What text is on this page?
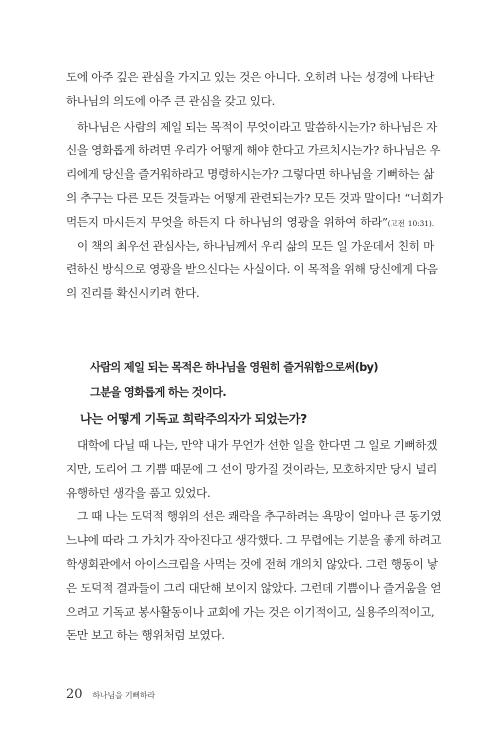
도에 아주 깊은 관심을 가지고 있는 것은 아니다. 오히려 나는 성경에 나타난
하나님의 의도에 아주 큰 관심을 갖고 있다.
하나님은 사람의 제일 되는 목적이 무엇이라고 말씀하시는가? 하나님은 자
신을 영화롭게 하려면 우리가 어떻게 해야 한다고 가르치시는가? 하나님은 우
리에게 당신을 즐거워하라고 명령하시는가? 그렇다면 하나님을 기뻐하는 삶
의 추구는 다른 모든 것들과는 어떻게 관련되는가? 모든 것과 말이다! “너희가
먹든지 마시든지 무엇을 하든지 다 하나님의 영광을 위하여 하라”(고전 10:31).
이 책의 최우선 관심사는, 하나님께서 우리 삶의 모든 일 가운데서 친히 마
련하신 방식으로 영광을 받으신다는 사실이다. 이 목적을 위해 당신에게 다음
의 진리를 확신시키려 한다.
사람의 제일 되는 목적은 하나님을 영원히 즐거워함으로써(by)
그분을 영화롭게 하는 것이다.
나는 어떻게 기독교 희락주의자가 되었는가?
대학에 다닐 때 나는, 만약 내가 무언가 선한 일을 한다면 그 일로 기뻐하겠
지만, 도리어 그 기쁨 때문에 그 선이 망가질 것이라는, 모호하지만 당시 널리
유행하던 생각을 품고 있었다.
그 때 나는 도덕적 행위의 선은 쾌락을 추구하려는 욕망이 얼마나 큰 동기였
느냐에 따라 그 가치가 작아진다고 생각했다. 그 무렵에는 기분을 좋게 하려고
학생회관에서 아이스크림을 사먹는 것에 전혀 개의치 않았다. 그런 행동이 낳
은 도덕적 결과들이 그리 대단해 보이지 않았다. 그런데 기쁨이나 즐거움을 얻
으려고 기독교 봉사활동이나 교회에 가는 것은 이기적이고, 실용주의적이고,
돈만 보고 하는 행위처럼 보였다.
20 하나님을 기뻐하라
